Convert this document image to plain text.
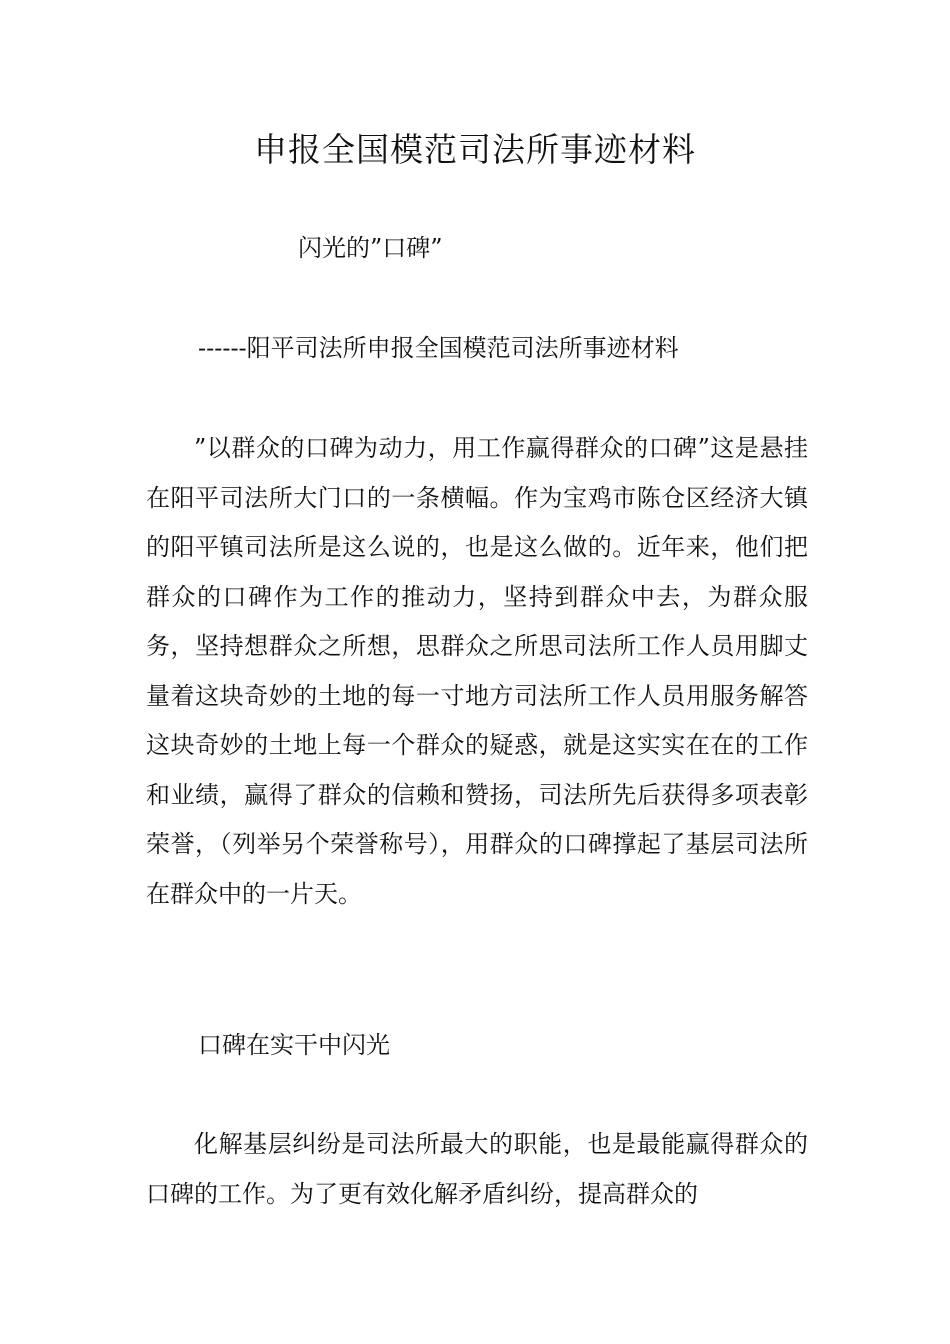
申报全国模范司法所事迹材料
闪光的”口碑”
------阳平司法所申报全国模范司法所事迹材料

”以群众的口碑为动力，用工作赢得群众的口碑”这是悬挂在阳平司法所大门口的一条横幅。作为宝鸡市陈仓区经济大镇的阳平镇司法所是这么说的，也是这么做的。近年来，他们把群众的口碑作为工作的推动力，坚持到群众中去，为群众服务，坚持想群众之所想，思群众之所思司法所工作人员用脚丈量着这块奇妙的土地的每一寸地方司法所工作人员用服务解答这块奇妙的土地上每一个群众的疑惑，就是这实实在在的工作和业绩，赢得了群众的信赖和赞扬，司法所先后获得多项表彰荣誉，（列举另个荣誉称号），用群众的口碑撑起了基层司法所在群众中的一片天。

口碑在实干中闪光

化解基层纠纷是司法所最大的职能，也是最能赢得群众的口碑的工作。为了更有效化解矛盾纠纷，提高群众的
